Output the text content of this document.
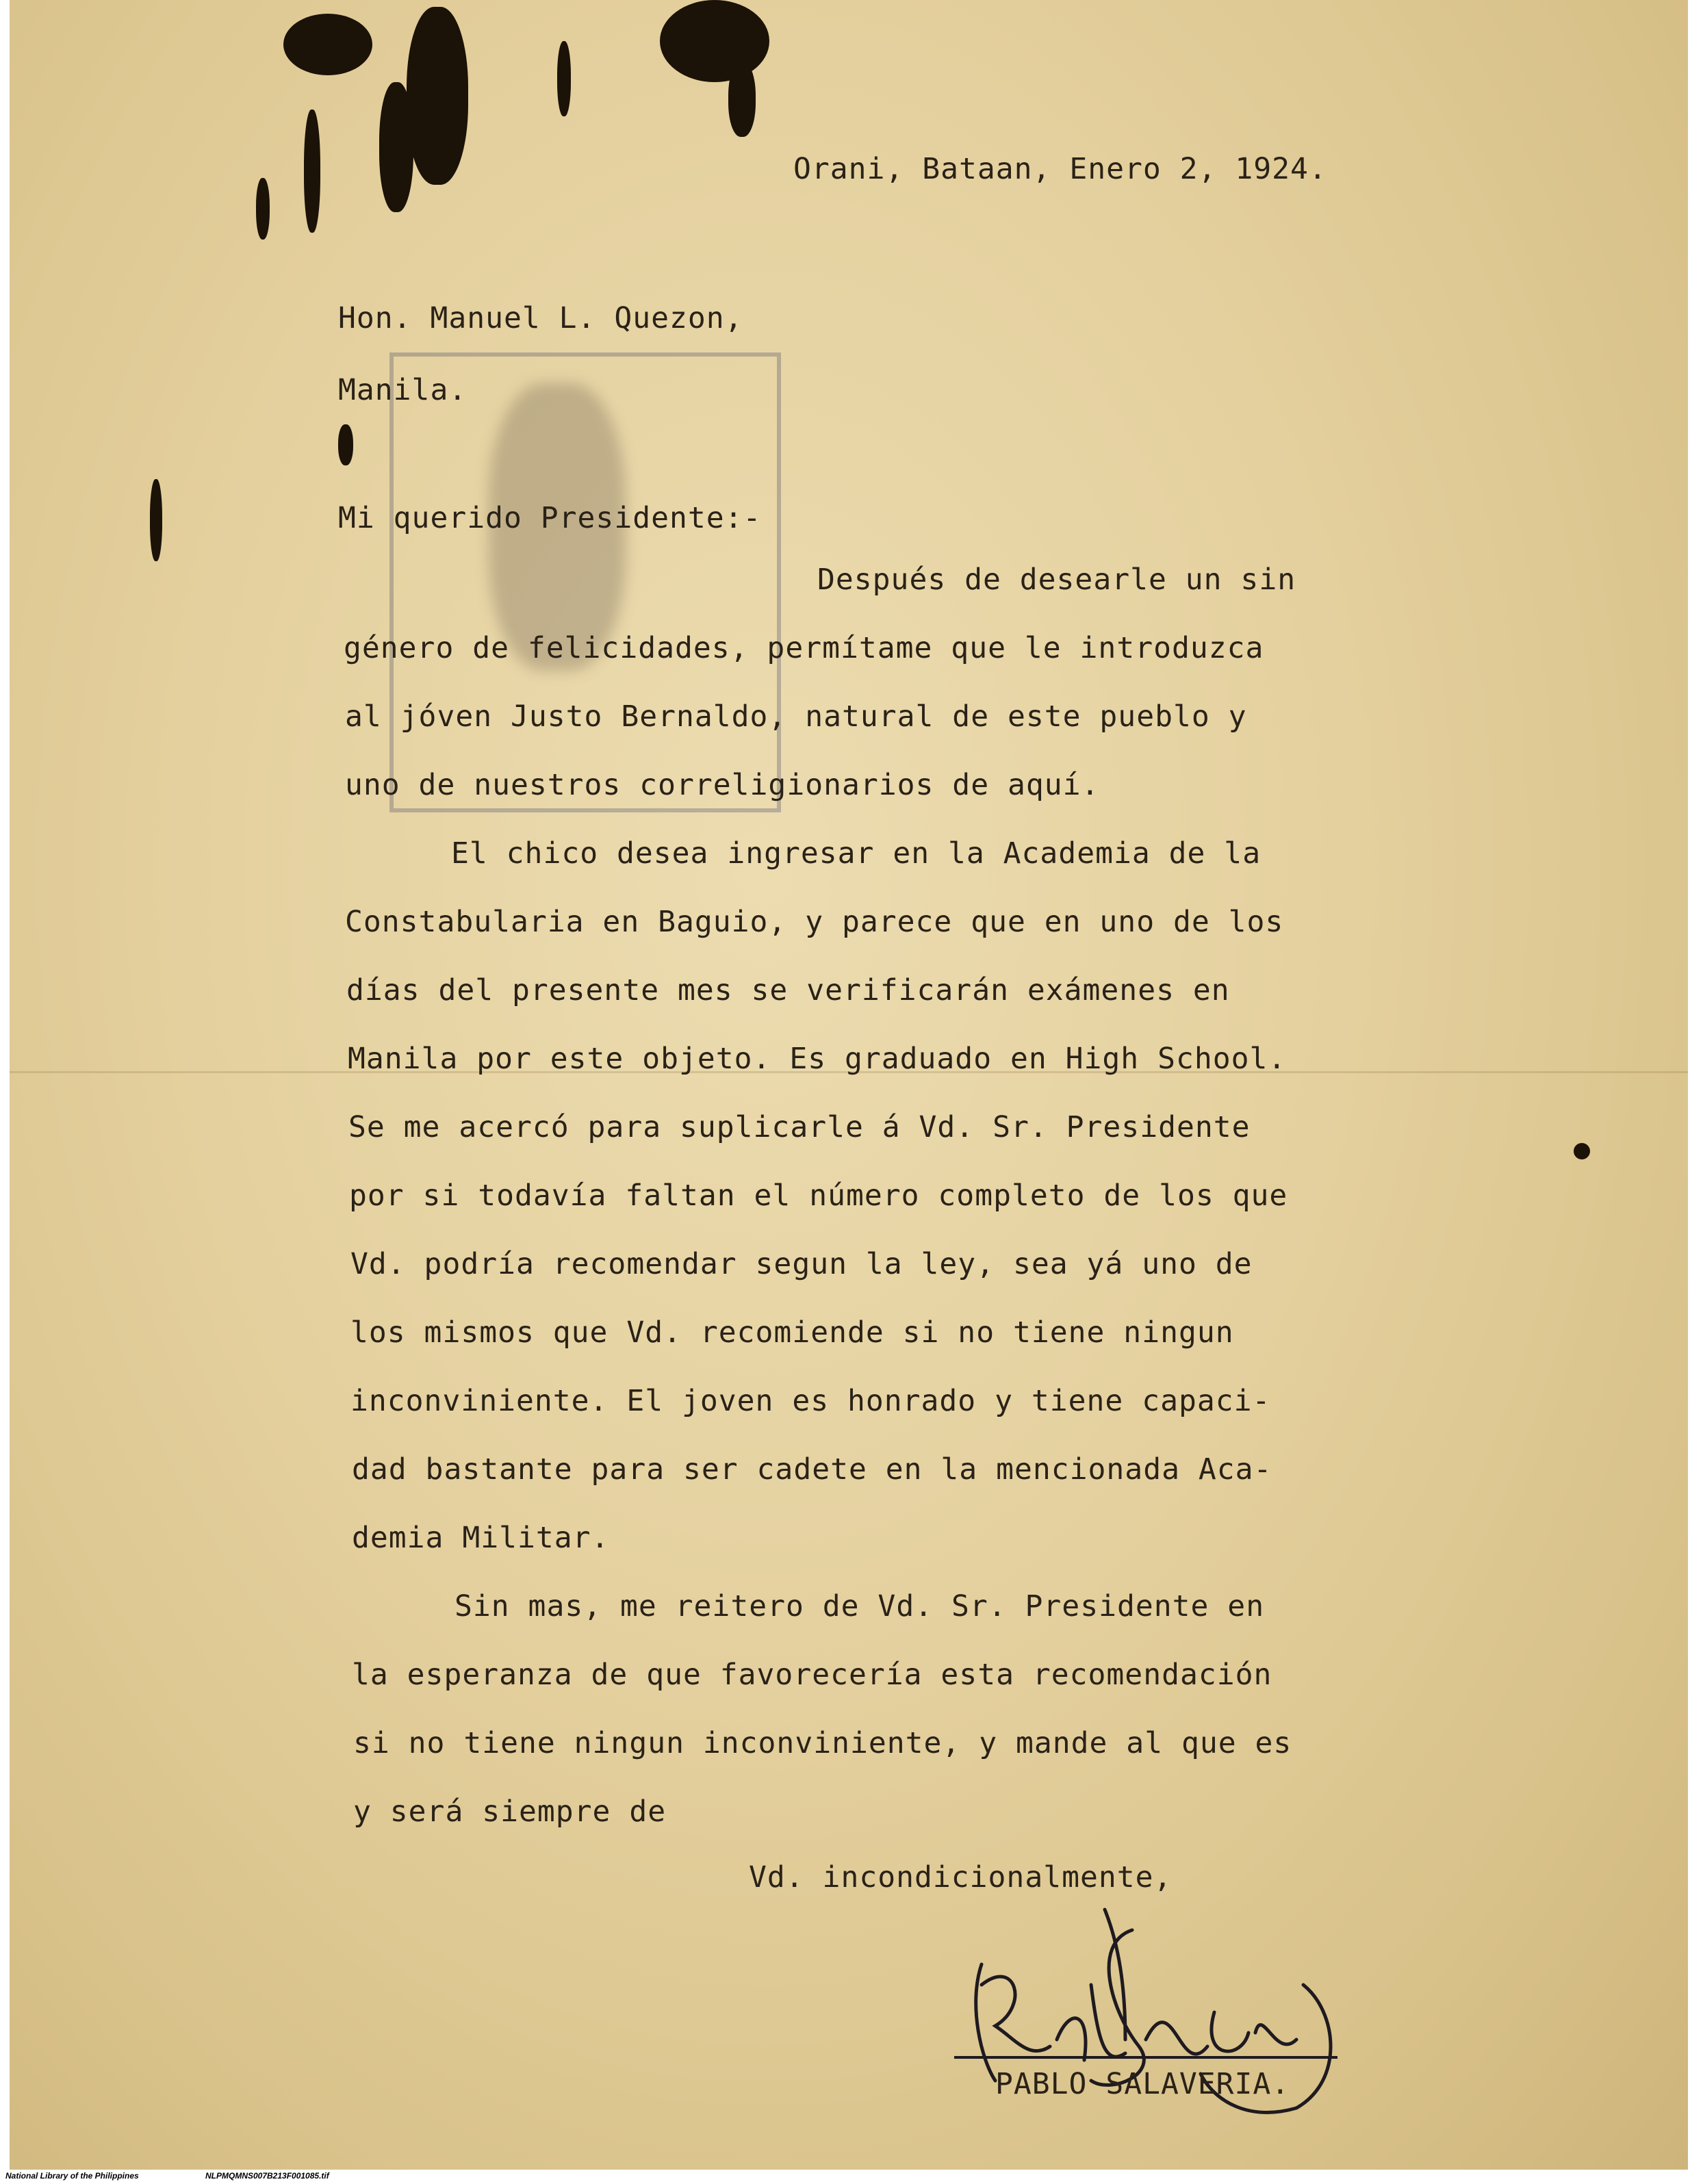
Orani, Bataan, Enero 2, 1924.

Hon. Manuel L. Quezon,

Manila.

Mi querido Presidente:-

Después de desearle un sin

género de felicidades, permítame que le introduzca

al jóven Justo Bernaldo, natural de este pueblo y

uno de nuestros correligionarios de aquí.

El chico desea ingresar en la Academia de la

Constabularia en Baguio, y parece que en uno de los

días del presente mes se verificarán exámenes en

Manila por este objeto. Es graduado en High School.

Se me acercó para suplicarle á Vd. Sr. Presidente

por si todavía faltan el número completo de los que

Vd. podría recomendar segun la ley, sea yá uno de

los mismos que Vd. recomiende si no tiene ningun

inconviniente. El joven es honrado y tiene capaci-

dad bastante para ser cadete en la mencionada Aca-

demia Militar.

Sin mas, me reitero de Vd. Sr. Presidente en

la esperanza de que favorecería esta recomendación

si no tiene ningun inconviniente, y mande al que es

y será siempre de

Vd. incondicionalmente,

PABLO SALAVERIA.

National Library of the Philippines	NLPMQMNS007B213F001085.tif
